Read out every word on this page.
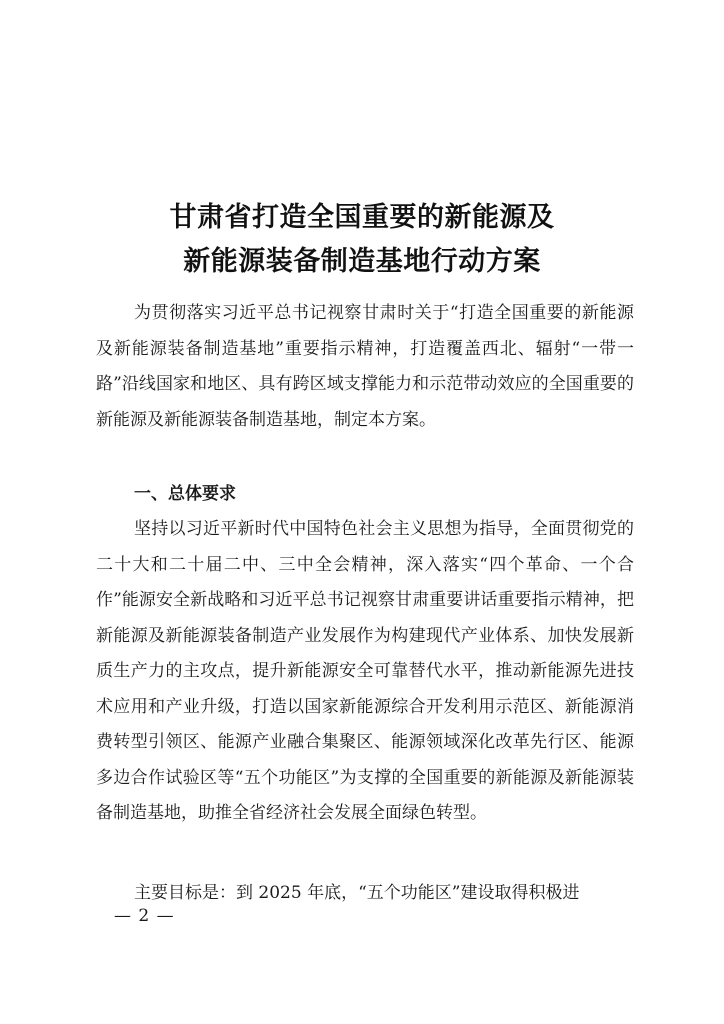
甘肃省打造全国重要的新能源及
新能源装备制造基地行动方案

为贯彻落实习近平总书记视察甘肃时关于“打造全国重要的新能源及新能源装备制造基地”重要指示精神，打造覆盖西北、辐射“一带一路”沿线国家和地区、具有跨区域支撑能力和示范带动效应的全国重要的新能源及新能源装备制造基地，制定本方案。

一、总体要求

坚持以习近平新时代中国特色社会主义思想为指导，全面贯彻党的二十大和二十届二中、三中全会精神，深入落实“四个革命、一个合作”能源安全新战略和习近平总书记视察甘肃重要讲话重要指示精神，把新能源及新能源装备制造产业发展作为构建现代产业体系、加快发展新质生产力的主攻点，提升新能源安全可靠替代水平，推动新能源先进技术应用和产业升级，打造以国家新能源综合开发利用示范区、新能源消费转型引领区、能源产业融合集聚区、能源领域深化改革先行区、能源多边合作试验区等“五个功能区”为支撑的全国重要的新能源及新能源装备制造基地，助推全省经济社会发展全面绿色转型。

主要目标是：到 2025 年底，“五个功能区”建设取得积极进

— 2 —
